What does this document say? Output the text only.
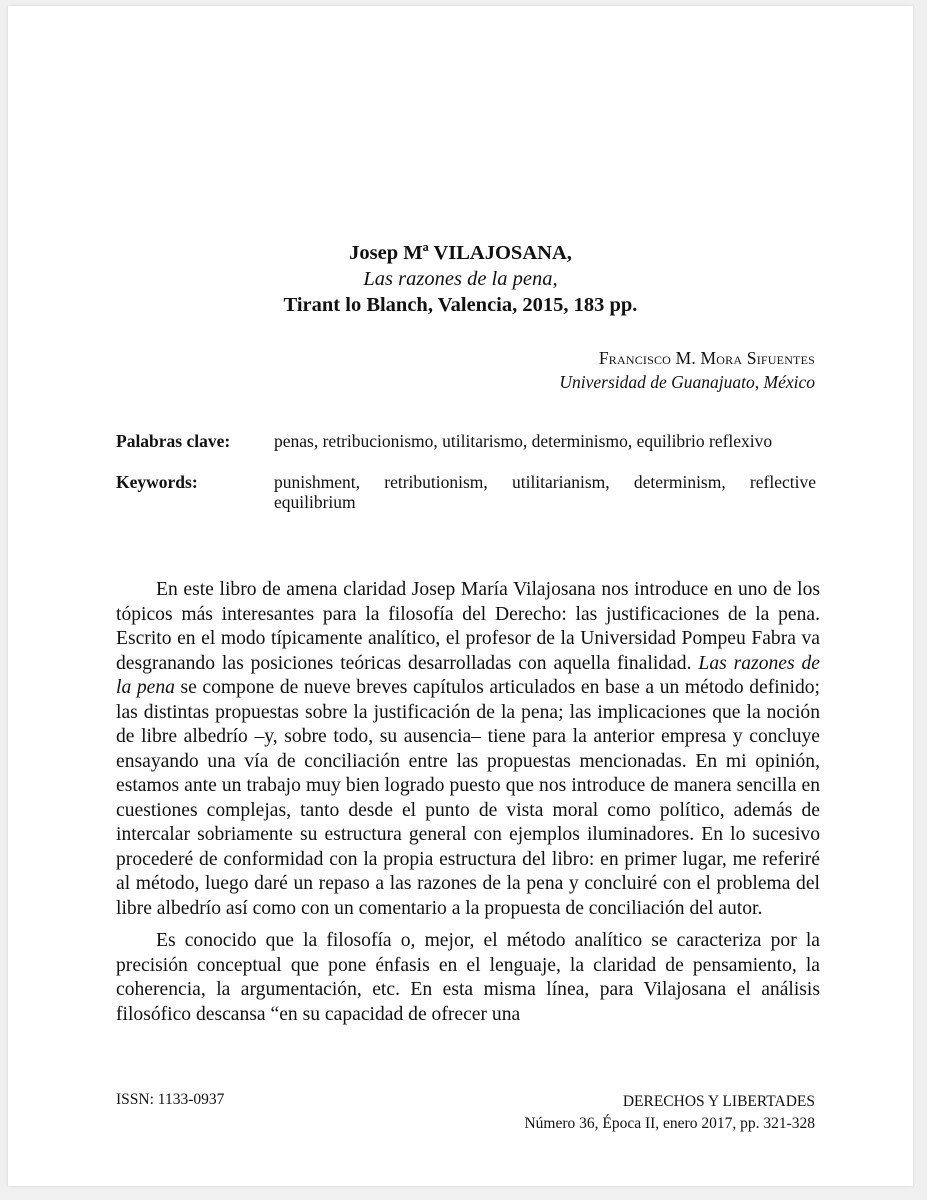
Josep Mª VILAJOSANA,
Las razones de la pena,
Tirant lo Blanch, Valencia, 2015, 183 pp.
Francisco M. Mora Sifuentes
Universidad de Guanajuato, México
Palabras clave:	penas, retribucionismo, utilitarismo, determinismo, equilibrio reflexivo
Keywords:	punishment, retributionism, utilitarianism, determinism, reflective equilibrium

En este libro de amena claridad Josep María Vilajosana nos introduce en uno de los tópicos más interesantes para la filosofía del Derecho: las justificaciones de la pena. Escrito en el modo típicamente analítico, el profesor de la Universidad Pompeu Fabra va desgranando las posiciones teóricas desarrolladas con aquella finalidad. Las razones de la pena se compone de nueve breves capítulos articulados en base a un método definido; las distintas propuestas sobre la justificación de la pena; las implicaciones que la noción de libre albedrío –y, sobre todo, su ausencia– tiene para la anterior empresa y concluye ensayando una vía de conciliación entre las propuestas mencionadas. En mi opinión, estamos ante un trabajo muy bien logrado puesto que nos introduce de manera sencilla en cuestiones complejas, tanto desde el punto de vista moral como político, además de intercalar sobriamente su estructura general con ejemplos iluminadores. En lo sucesivo procederé de conformidad con la propia estructura del libro: en primer lugar, me referiré al método, luego daré un repaso a las razones de la pena y concluiré con el problema del libre albedrío así como con un comentario a la propuesta de conciliación del autor.

Es conocido que la filosofía o, mejor, el método analítico se caracteriza por la precisión conceptual que pone énfasis en el lenguaje, la claridad de pensamiento, la coherencia, la argumentación, etc. En esta misma línea, para Vilajosana el análisis filosófico descansa “en su capacidad de ofrecer una

ISSN: 1133-0937	DERECHOS Y LIBERTADES
Número 36, Época II, enero 2017, pp. 321-328
